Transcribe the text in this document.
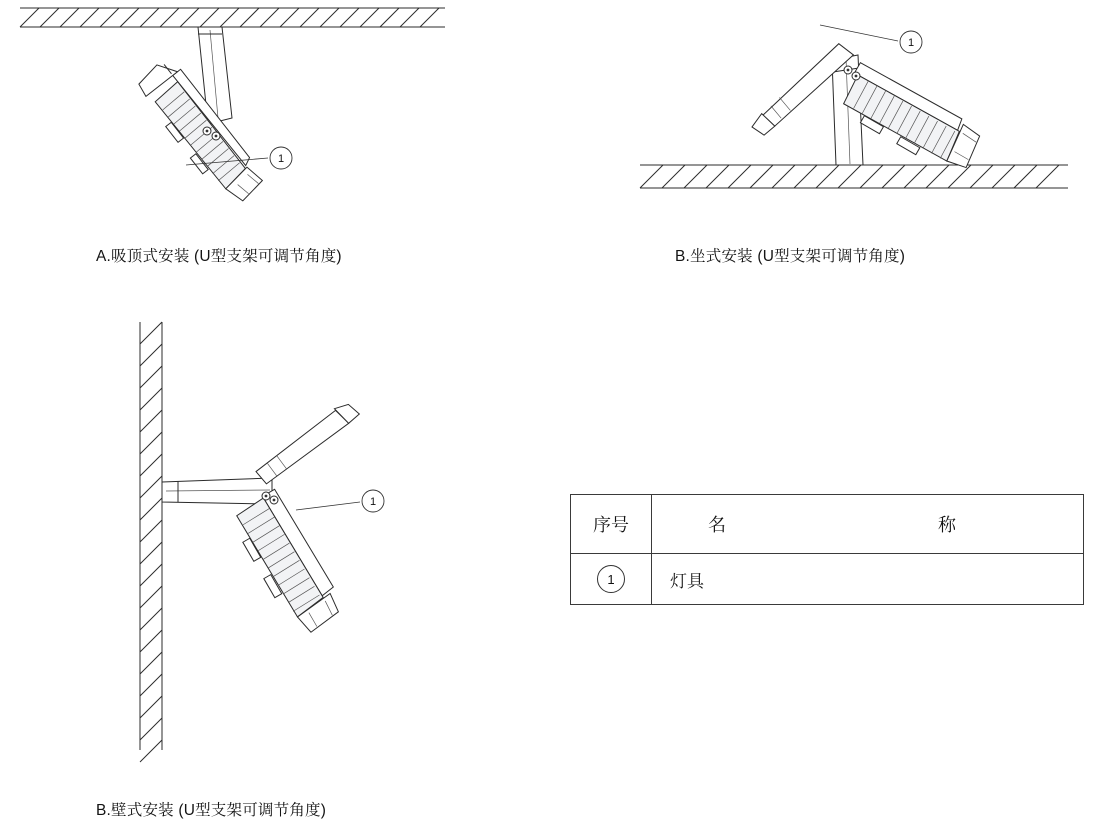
1
A.吸顶式安装 (U型支架可调节角度)
1
B.坐式安装 (U型支架可调节角度)
1
B.壁式安装 (U型支架可调节角度)
序号	名　　　　称
1	灯具
